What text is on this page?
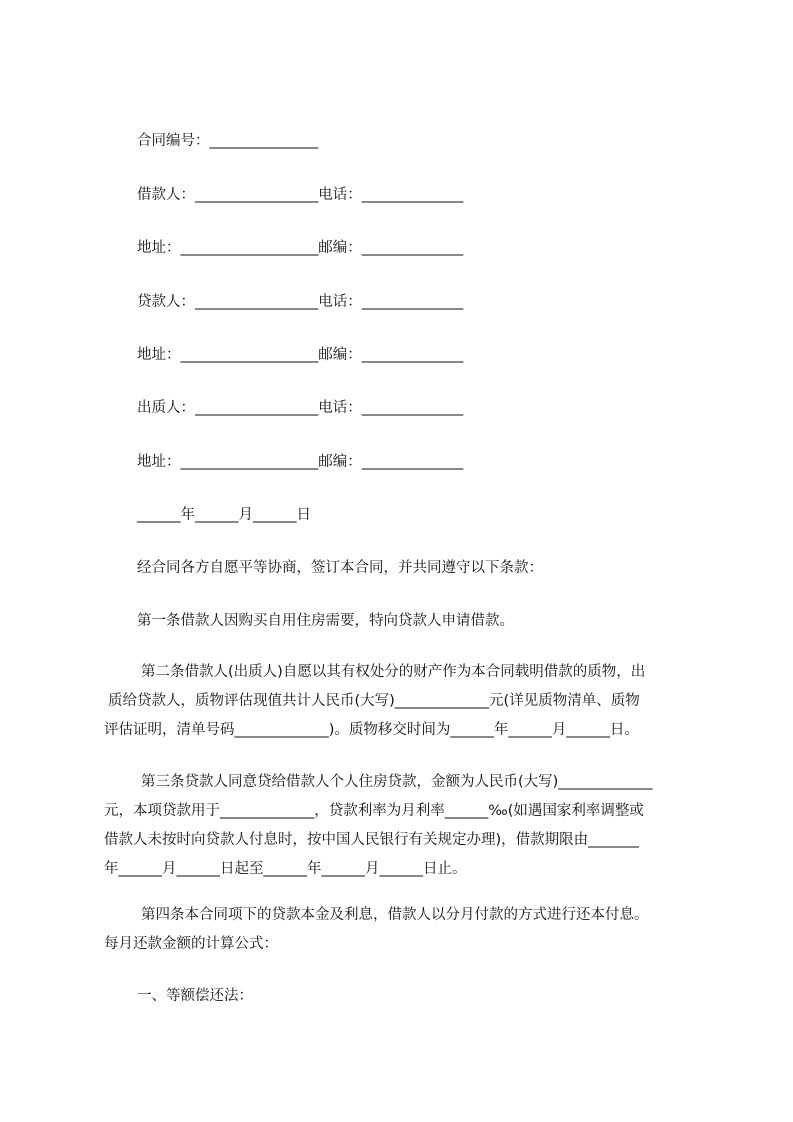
合同编号：_______________
借款人：_________________电话：______________
地址：___________________邮编：______________
贷款人：_________________电话：______________
地址：___________________邮编：______________
出质人：_________________电话：______________
地址：___________________邮编：______________
______年______月______日
经合同各方自愿平等协商，签订本合同，并共同遵守以下条款：
第一条借款人因购买自用住房需要，特向贷款人申请借款。
第二条借款人(出质人)自愿以其有权处分的财产作为本合同载明借款的质物，出
质给贷款人，质物评估现值共计人民币(大写)_____________元(详见质物清单、质物
评估证明，清单号码_____________)。质物移交时间为______年______月______日。
第三条贷款人同意贷给借款人个人住房贷款，金额为人民币(大写)_____________
元，本项贷款用于_____________，贷款利率为月利率______‰(如遇国家利率调整或
借款人未按时向贷款人付息时，按中国人民银行有关规定办理)，借款期限由_______
年______月______日起至______年______月______日止。
第四条本合同项下的贷款本金及利息，借款人以分月付款的方式进行还本付息。
每月还款金额的计算公式：
一、等额偿还法：
